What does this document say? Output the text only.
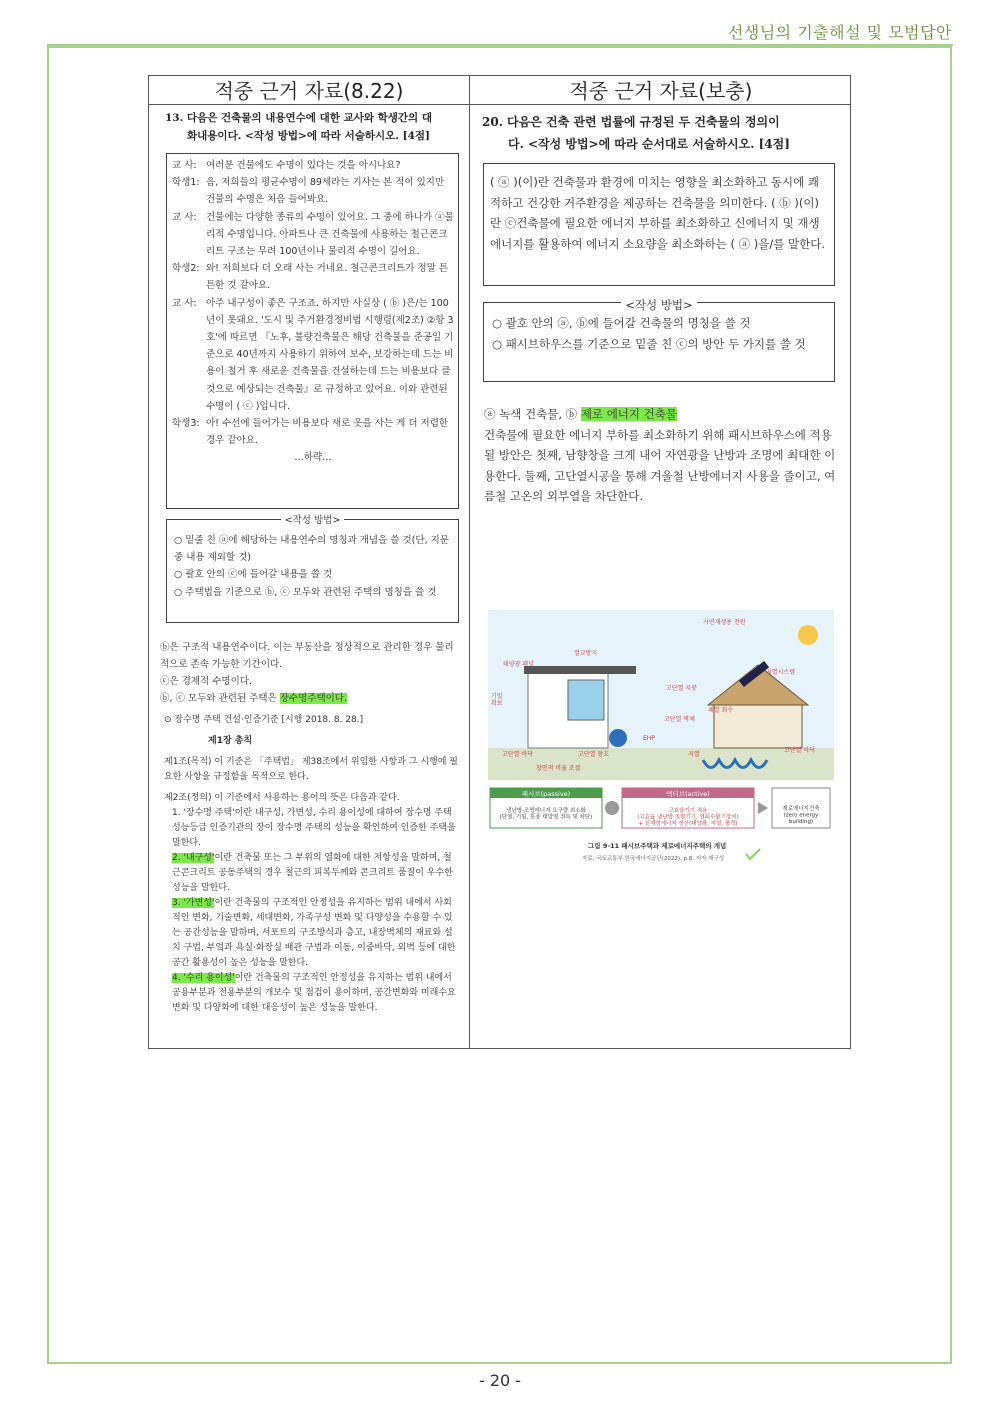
선생님의 기출해설 및 모범답안
적중 근거 자료(8.22)	적중 근거 자료(보충)
13. 다음은 건축물의 내용연수에 대한 교사와 학생간의 대
화내용이다. <작성 방법>에 따라 서술하시오. [4점]
교 사: 여러분 건물에도 수명이 있다는 것을 아시나요?
학생1: 음, 저희들의 평균수명이 89세라는 기사는 본 적이 있지만 건물의 수명은 처음 들어봐요.
교 사: 건물에는 다양한 종류의 수명이 있어요. 그 중에 하나가 ⓐ물리적 수명입니다. 아파트나 큰 건축물에 사용하는 철근콘크리트 구조는 무려 100년이나 물리적 수명이 길어요.
학생2: 와! 저희보다 더 오래 사는 거네요. 철근콘크리트가 정말 튼튼한 것 같아요.
교 사: 아주 내구성이 좋은 구조죠. 하지만 사실상 ( ⓑ )은/는 100년이 못돼요. '도시 및 주거환경정비법 시행령(제2조) ②항 3호'에 따르면 『노후, 불량건축물은 해당 건축물을 준공일 기준으로 40년까지 사용하기 위하여 보수, 보강하는데 드는 비용이 철거 후 새로운 건축물을 건설하는데 드는 비용보다 클 것으로 예상되는 건축물』로 규정하고 있어요. 이와 관련된 수명이 ( ⓒ )입니다.
학생3: 아! 수선에 들어가는 비용보다 새로 옷을 사는 게 더 저렴한 경우 같아요.
…하략…
<작성 방법>
○ 밑줄 친 ⓐ에 해당하는 내용연수의 명칭과 개념을 쓸 것(단, 지문 중 내용 제외할 것)
○ 괄호 안의 ⓒ에 들어갈 내용을 쓸 것
○ 주택법을 기준으로 ⓑ, ⓒ 모두와 관련된 주택의 명칭을 쓸 것
ⓑ은 구조적 내용연수이다. 이는 부동산을 정상적으로 관리한 경우 물리적으로 존속 가능한 기간이다.
ⓒ은 경제적 수명이다.
ⓑ, ⓒ 모두와 관련된 주택은 장수명주택이다.
⊙ 장수명 주택 건설·인증기준 [시행 2018. 8. 28.]
제1장 총칙
제1조(목적) 이 기준은 「주택법」 제38조에서 위임한 사항과 그 시행에 필요한 사항을 규정함을 목적으로 한다.
제2조(정의) 이 기준에서 사용하는 용어의 뜻은 다음과 같다.
1. '장수명 주택'이란 내구성, 가변성, 수리 용이성에 대하여 장수명 주택 성능등급 인증기관의 장이 장수명 주택의 성능을 확인하여 인증한 주택을 말한다.
2. '내구성'이란 건축물 또는 그 부위의 열화에 대한 저항성을 말하며, 철근콘크리트 공동주택의 경우 철근의 피복두께와 콘크리트 품질이 우수한 성능을 말한다.
3. '가변성'이란 건축물의 구조적인 안정성을 유지하는 범위 내에서 사회적인 변화, 기술변화, 세대변화, 가족구성 변화 및 다양성을 수용할 수 있는 공간성능을 말하며, 서포트의 구조방식과 층고, 내장벽체의 재료와 설치 구법, 부엌과 욕실·화장실 배관 구법과 이동, 이중바닥, 외벽 등에 대한 공간 활용성이 높은 성능을 말한다.
4. '수리 용이성'이란 건축물의 구조적인 안정성을 유지하는 범위 내에서 공용부분과 전용부분의 개보수 및 점검이 용이하며, 공간변화와 미래수요변화 및 다양화에 대한 대응성이 높은 성능을 말한다.
20. 다음은 건축 관련 법률에 규정된 두 건축물의 정의이
다. <작성 방법>에 따라 순서대로 서술하시오. [4점]
( ⓐ )(이)란 건축물과 환경에 미치는 영향을 최소화하고 동시에 쾌적하고 건강한 거주환경을 제공하는 건축물을 의미한다. ( ⓑ )(이)란 ⓒ건축물에 필요한 에너지 부하를 최소화하고 신에너지 및 재생에너지를 활용하여 에너지 소요량을 최소화하는 ( ⓐ )을/를 말한다.
<작성 방법>
○ 괄호 안의 ⓐ, ⓑ에 들어갈 건축물의 명칭을 쓸 것
○ 패시브하우스를 기준으로 밑줄 친 ⓒ의 방안 두 가지를 쓸 것
ⓐ 녹색 건축물, ⓑ 제로 에너지 건축물
건축물에 필요한 에너지 부하를 최소화하기 위해 패시브하우스에 적용될 방안은 첫째, 남향창을 크게 내어 자연광을 난방과 조명에 최대한 이용한다. 둘째, 고단열시공을 통해 겨울철 난방에너지 사용을 줄이고, 여름철 고온의 외부열을 차단한다.
자연재생용 전원
열교방지
태양광 패널
고단열 지붕
고단열 벽체
고단열 바닥
폐열 회수
고단열 창호
창면적 비율 조절
지열
지열시스템
EHP
기밀 확보
고단열 바닥
패시브(passive)
냉난방·조명에너지 요구량 최소화 (단열, 기밀, 통풍 태양열 취득 및 차단)
액티브(active)
고효율기기 적용 (고효율 냉난방·조명기기, 열회수환기장치) + 신재생에너지 생산(태양광, 지열, 풍력)
제로에너지건축 (zero energy building)
그림 9-11 패시브주택과 제로에너지주택의 개념
자료: 국토교통부·한국에너지공단(2022), p.8. 저자 재구성
- 20 -
